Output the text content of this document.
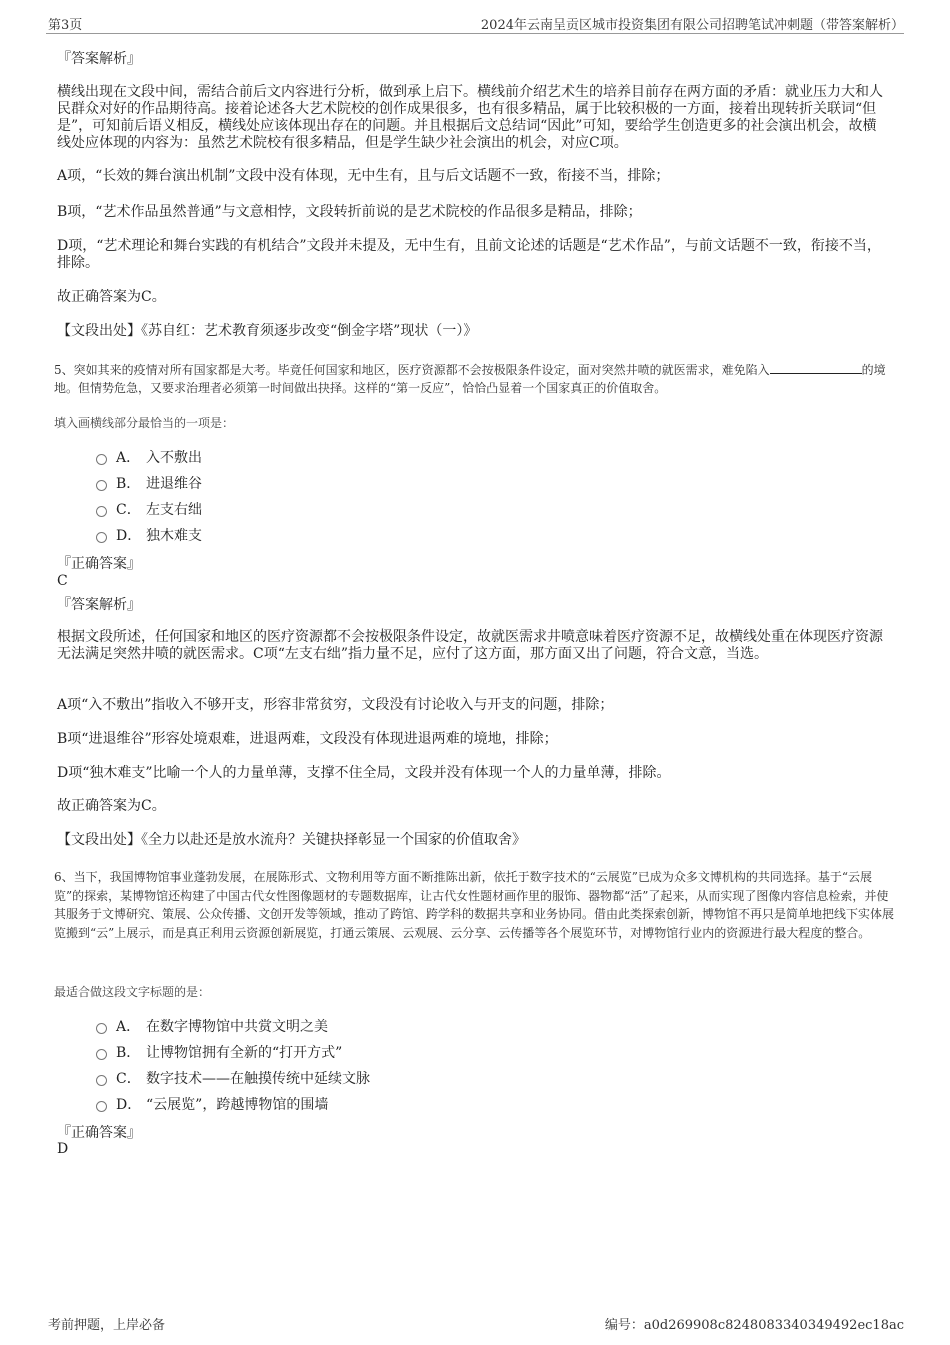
第3页	2024年云南呈贡区城市投资集团有限公司招聘笔试冲刺题（带答案解析）
『答案解析』
横线出现在文段中间，需结合前后文内容进行分析，做到承上启下。横线前介绍艺术生的培养目前存在两方面的矛盾：就业压力大和人民群众对好的作品期待高。接着论述各大艺术院校的创作成果很多，也有很多精品，属于比较积极的一方面，接着出现转折关联词“但是”，可知前后语义相反，横线处应该体现出存在的问题。并且根据后文总结词“因此”可知，要给学生创造更多的社会演出机会，故横线处应体现的内容为：虽然艺术院校有很多精品，但是学生缺少社会演出的机会，对应C项。
A项，“长效的舞台演出机制”文段中没有体现，无中生有，且与后文话题不一致，衔接不当，排除；
B项，“艺术作品虽然普通”与文意相悖，文段转折前说的是艺术院校的作品很多是精品，排除；
D项，“艺术理论和舞台实践的有机结合”文段并未提及，无中生有，且前文论述的话题是“艺术作品”，与前文话题不一致，衔接不当，排除。
故正确答案为C。
【文段出处】《苏自红：艺术教育须逐步改变“倒金字塔”现状（一）》
5、突如其来的疫情对所有国家都是大考。毕竟任何国家和地区，医疗资源都不会按极限条件设定，面对突然井喷的就医需求，难免陷入	的境地。但情势危急，又要求治理者必须第一时间做出抉择。这样的“第一反应”，恰恰凸显着一个国家真正的价值取舍。
填入画横线部分最恰当的一项是：
A． 入不敷出
B． 进退维谷
C． 左支右绌
D． 独木难支
『正确答案』
C
『答案解析』
根据文段所述，任何国家和地区的医疗资源都不会按极限条件设定，故就医需求井喷意味着医疗资源不足，故横线处重在体现医疗资源无法满足突然井喷的就医需求。C项“左支右绌”指力量不足，应付了这方面，那方面又出了问题，符合文意，当选。
A项“入不敷出”指收入不够开支，形容非常贫穷，文段没有讨论收入与开支的问题，排除；
B项“进退维谷”形容处境艰难，进退两难，文段没有体现进退两难的境地，排除；
D项“独木难支”比喻一个人的力量单薄，支撑不住全局，文段并没有体现一个人的力量单薄，排除。
故正确答案为C。
【文段出处】《全力以赴还是放水流舟？关键抉择彰显一个国家的价值取舍》
6、当下，我国博物馆事业蓬勃发展，在展陈形式、文物利用等方面不断推陈出新，依托于数字技术的“云展览”已成为众多文博机构的共同选择。基于“云展览”的探索，某博物馆还构建了中国古代女性图像题材的专题数据库，让古代女性题材画作里的服饰、器物都“活”了起来，从而实现了图像内容信息检索，并使其服务于文博研究、策展、公众传播、文创开发等领域，推动了跨馆、跨学科的数据共享和业务协同。借由此类探索创新，博物馆不再只是简单地把线下实体展览搬到“云”上展示，而是真正利用云资源创新展览，打通云策展、云观展、云分享、云传播等各个展览环节，对博物馆行业内的资源进行最大程度的整合。
最适合做这段文字标题的是：
A． 在数字博物馆中共赏文明之美
B． 让博物馆拥有全新的“打开方式”
C． 数字技术——在触摸传统中延续文脉
D． “云展览”，跨越博物馆的围墙
『正确答案』
D
考前押题，上岸必备	编号：a0d269908c8248083340349492ec18ac
